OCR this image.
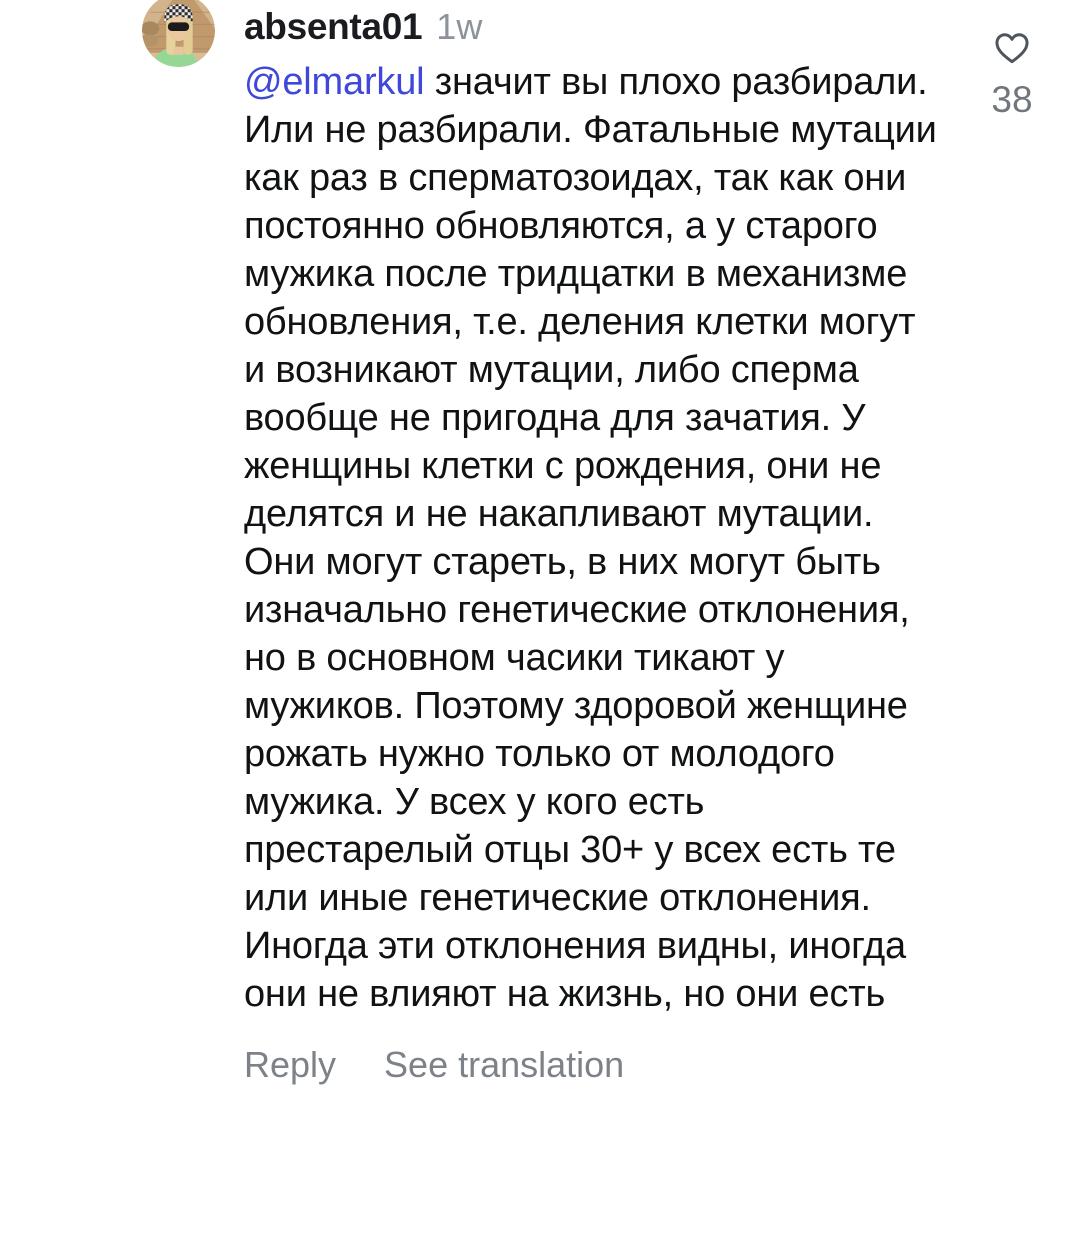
absenta01 1w

@elmarkul значит вы плохо разбирали. Или не разбирали. Фатальные мутации как раз в сперматозоидах, так как они постоянно обновляются, а у старого мужика после тридцатки в механизме обновления, т.е. деления клетки могут и возникают мутации, либо сперма вообще не пригодна для зачатия. У женщины клетки с рождения, они не делятся и не накапливают мутации. Они могут стареть, в них могут быть изначально генетические отклонения, но в основном часики тикают у мужиков. Поэтому здоровой женщине рожать нужно только от молодого мужика. У всех у кого есть престарелый отцы 30+ у всех есть те или иные генетические отклонения. Иногда эти отклонения видны, иногда они не влияют на жизнь, но они есть

Reply See translation
38
